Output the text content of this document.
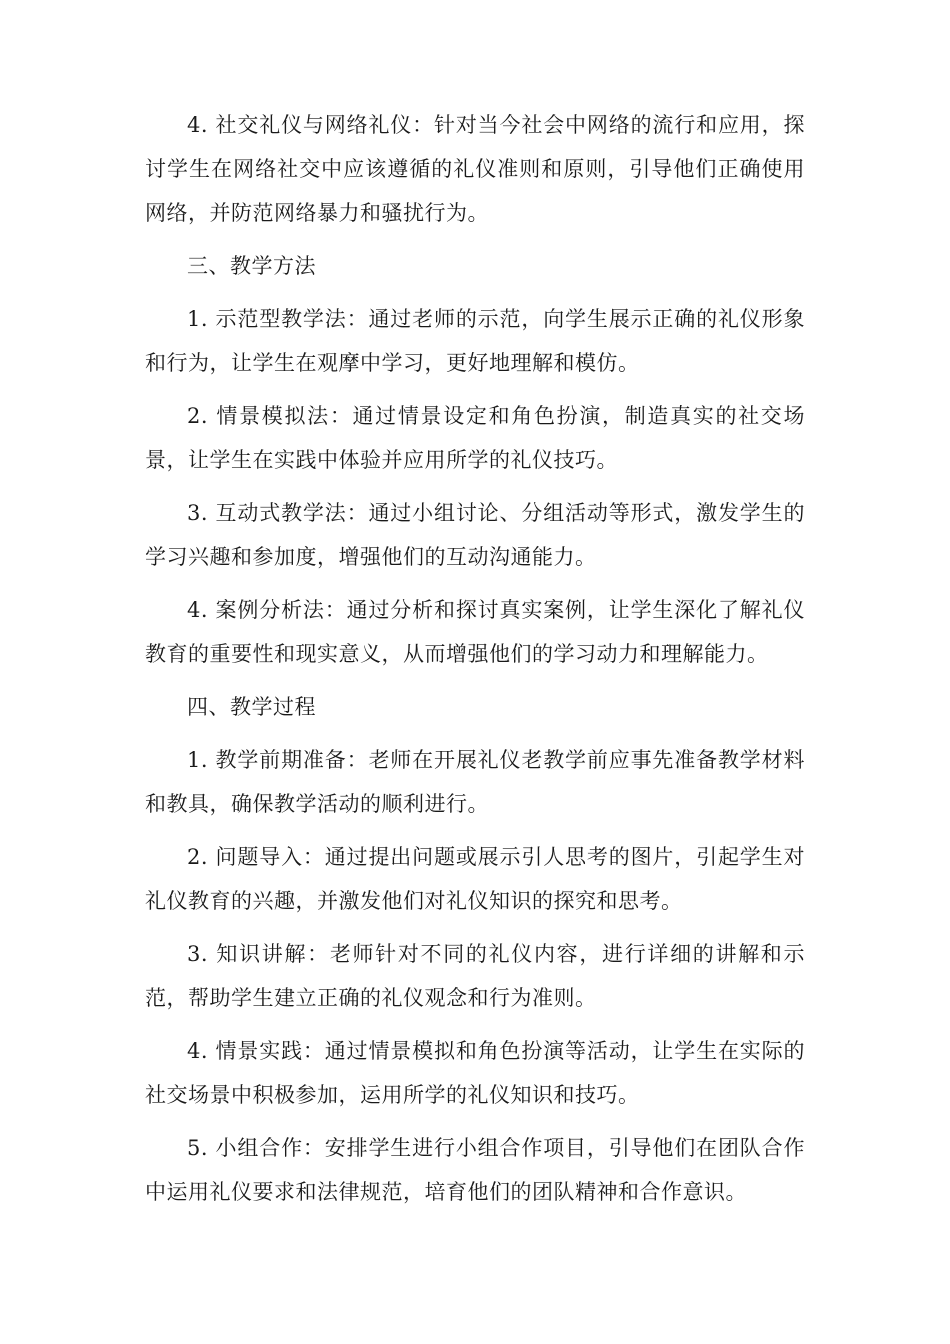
4. 社交礼仪与网络礼仪：针对当今社会中网络的流行和应用，探讨学生在网络社交中应该遵循的礼仪准则和原则，引导他们正确使用网络，并防范网络暴力和骚扰行为。

三、教学方法

1. 示范型教学法：通过老师的示范，向学生展示正确的礼仪形象和行为，让学生在观摩中学习，更好地理解和模仿。

2. 情景模拟法：通过情景设定和角色扮演，制造真实的社交场景，让学生在实践中体验并应用所学的礼仪技巧。

3. 互动式教学法：通过小组讨论、分组活动等形式，激发学生的学习兴趣和参加度，增强他们的互动沟通能力。

4. 案例分析法：通过分析和探讨真实案例，让学生深化了解礼仪教育的重要性和现实意义，从而增强他们的学习动力和理解能力。

四、教学过程

1. 教学前期准备：老师在开展礼仪老教学前应事先准备教学材料和教具，确保教学活动的顺利进行。

2. 问题导入：通过提出问题或展示引人思考的图片，引起学生对礼仪教育的兴趣，并激发他们对礼仪知识的探究和思考。

3. 知识讲解：老师针对不同的礼仪内容，进行详细的讲解和示范，帮助学生建立正确的礼仪观念和行为准则。

4. 情景实践：通过情景模拟和角色扮演等活动，让学生在实际的社交场景中积极参加，运用所学的礼仪知识和技巧。

5. 小组合作：安排学生进行小组合作项目，引导他们在团队合作中运用礼仪要求和法律规范，培育他们的团队精神和合作意识。
